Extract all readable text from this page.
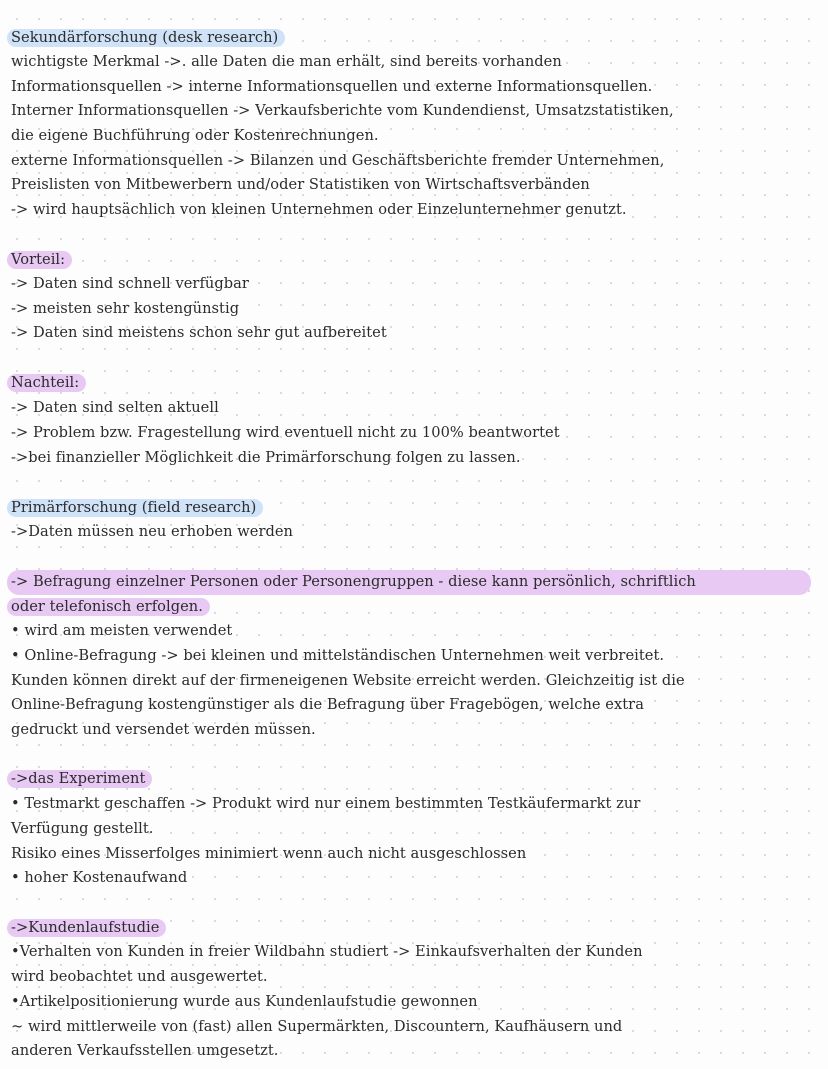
Sekundärforschung (desk research)
wichtigste Merkmal ->. alle Daten die man erhält, sind bereits vorhanden
Informationsquellen -> interne Informationsquellen und externe Informationsquellen.
Interner Informationsquellen -> Verkaufsberichte vom Kundendienst, Umsatzstatistiken,
die eigene Buchführung oder Kostenrechnungen.
externe Informationsquellen -> Bilanzen und Geschäftsberichte fremder Unternehmen,
Preislisten von Mitbewerbern und/oder Statistiken von Wirtschaftsverbänden
-> wird hauptsächlich von kleinen Unternehmen oder Einzelunternehmer genutzt.
Vorteil:
-> Daten sind schnell verfügbar
-> meisten sehr kostengünstig
-> Daten sind meistens schon sehr gut aufbereitet
Nachteil:
-> Daten sind selten aktuell
-> Problem bzw. Fragestellung wird eventuell nicht zu 100% beantwortet
->bei finanzieller Möglichkeit die Primärforschung folgen zu lassen.
Primärforschung (field research)
->Daten müssen neu erhoben werden
-> Befragung einzelner Personen oder Personengruppen - diese kann persönlich, schriftlich
oder telefonisch erfolgen.
• wird am meisten verwendet
• Online-Befragung -> bei kleinen und mittelständischen Unternehmen weit verbreitet.
Kunden können direkt auf der firmeneigenen Website erreicht werden. Gleichzeitig ist die
Online-Befragung kostengünstiger als die Befragung über Fragebögen, welche extra
gedruckt und versendet werden müssen.
->das Experiment
• Testmarkt geschaffen -> Produkt wird nur einem bestimmten Testkäufermarkt zur
Verfügung gestellt.
Risiko eines Misserfolges minimiert wenn auch nicht ausgeschlossen
• hoher Kostenaufwand
->Kundenlaufstudie
•Verhalten von Kunden in freier Wildbahn studiert -> Einkaufsverhalten der Kunden
wird beobachtet und ausgewertet.
•Artikelpositionierung wurde aus Kundenlaufstudie gewonnen
~ wird mittlerweile von (fast) allen Supermärkten, Discountern, Kaufhäusern und
anderen Verkaufsstellen umgesetzt.
